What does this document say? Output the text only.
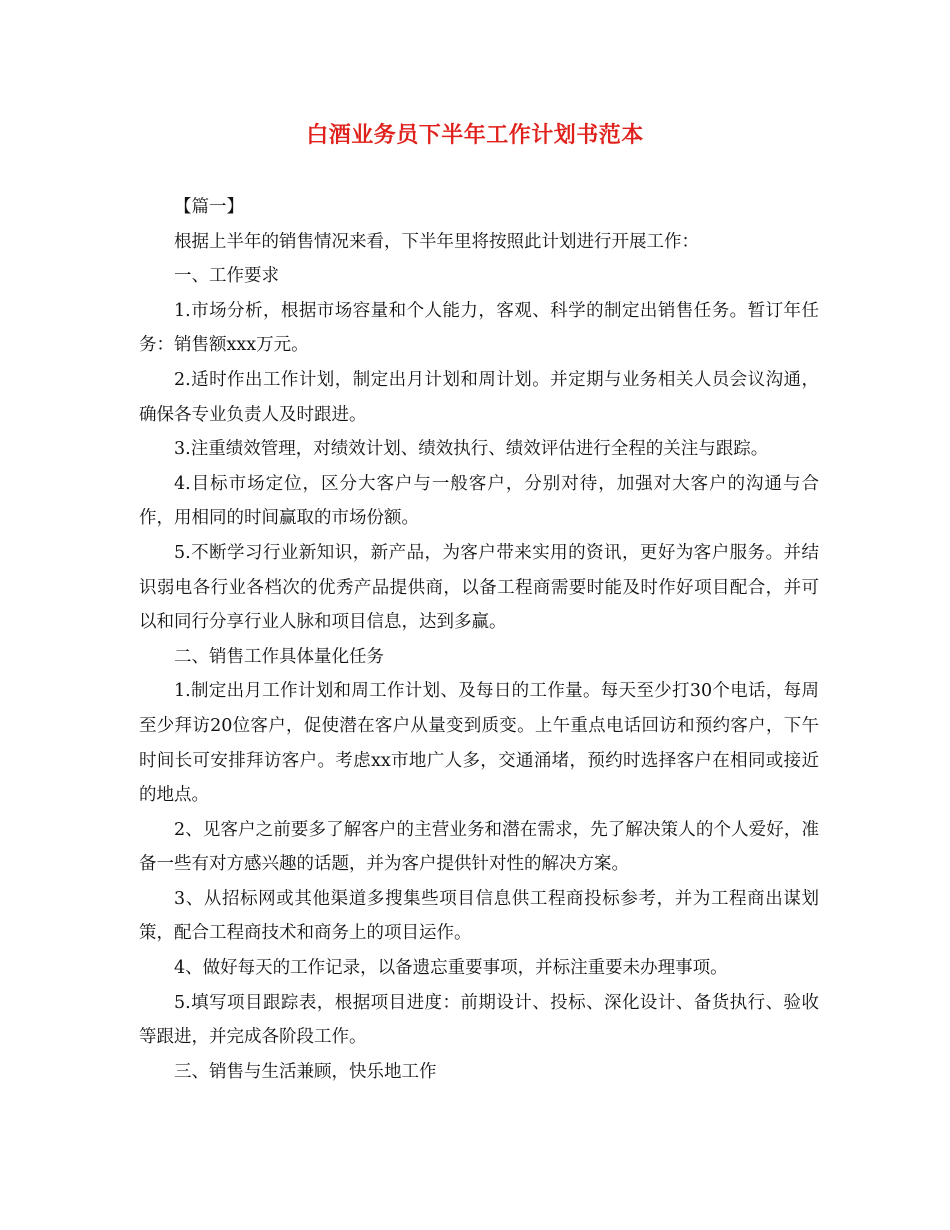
白酒业务员下半年工作计划书范本

【篇一】

根据上半年的销售情况来看，下半年里将按照此计划进行开展工作：

一、工作要求

1.市场分析，根据市场容量和个人能力，客观、科学的制定出销售任务。暂订年任务：销售额xxx万元。

2.适时作出工作计划，制定出月计划和周计划。并定期与业务相关人员会议沟通，确保各专业负责人及时跟进。

3.注重绩效管理，对绩效计划、绩效执行、绩效评估进行全程的关注与跟踪。

4.目标市场定位，区分大客户与一般客户，分别对待，加强对大客户的沟通与合作，用相同的时间赢取的市场份额。

5.不断学习行业新知识，新产品，为客户带来实用的资讯，更好为客户服务。并结识弱电各行业各档次的优秀产品提供商，以备工程商需要时能及时作好项目配合，并可以和同行分享行业人脉和项目信息，达到多赢。

二、销售工作具体量化任务

1.制定出月工作计划和周工作计划、及每日的工作量。每天至少打30个电话，每周至少拜访20位客户，促使潜在客户从量变到质变。上午重点电话回访和预约客户，下午时间长可安排拜访客户。考虑xx市地广人多，交通涌堵，预约时选择客户在相同或接近的地点。

2、见客户之前要多了解客户的主营业务和潜在需求，先了解决策人的个人爱好，准备一些有对方感兴趣的话题，并为客户提供针对性的解决方案。

3、从招标网或其他渠道多搜集些项目信息供工程商投标参考，并为工程商出谋划策，配合工程商技术和商务上的项目运作。

4、做好每天的工作记录，以备遗忘重要事项，并标注重要未办理事项。

5.填写项目跟踪表，根据项目进度：前期设计、投标、深化设计、备货执行、验收等跟进，并完成各阶段工作。

三、销售与生活兼顾，快乐地工作
